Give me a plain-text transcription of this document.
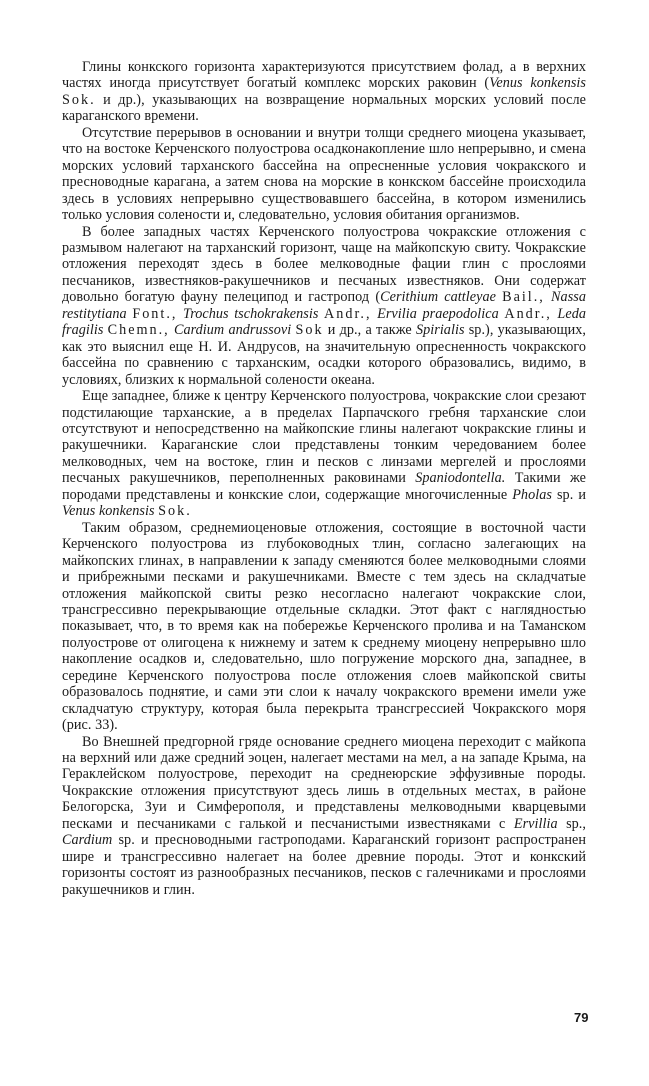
Глины конкского горизонта характеризуются присутствием фолад, а в верхних частях иногда присутствует богатый комплекс морских раковин (Venus konkensis Sok. и др.), указывающих на возвращение нормальных морских условий после караганского времени.

Отсутствие перерывов в основании и внутри толщи среднего миоцена указывает, что на востоке Керченского полуострова осадконакопление шло непрерывно, и смена морских условий тарханского бассейна на опресненные условия чокракского и пресноводные карагана, а затем снова на морские в конкском бассейне происходила здесь в условиях непрерывно существовавшего бассейна, в котором изменились только условия солености и, следовательно, условия обитания организмов.

В более западных частях Керченского полуострова чокракские отложения с размывом налегают на тарханский горизонт, чаще на майкопскую свиту. Чокракские отложения переходят здесь в более мелководные фации глин с прослоями песчаников, известняков-ракушечников и песчаных известняков. Они содержат довольно богатую фауну пелеципод и гастропод (Cerithium cattleyae Bail., Nassa restitytiana Font., Trochus tschokrakensis Andr., Ervilia praepodolica Andr., Leda fragilis Chemn., Cardium andrussovi Sok и др., а также Spirialis sp.), указывающих, как это выяснил еще Н. И. Андрусов, на значительную опресненность чокракского бассейна по сравнению с тарханским, осадки которого образовались, видимо, в условиях, близких к нормальной солености океана.

Еще западнее, ближе к центру Керченского полуострова, чокракские слои срезают подстилающие тарханские, а в пределах Парпачского гребня тарханские слои отсутствуют и непосредственно на майкопские глины налегают чокракские глины и ракушечники. Караганские слои представлены тонким чередованием более мелководных, чем на востоке, глин и песков с линзами мергелей и прослоями песчаных ракушечников, переполненных раковинами Spaniodontella. Такими же породами представлены и конкские слои, содержащие многочисленные Pholas sp. и Venus konkensis Sok.

Таким образом, среднемиоценовые отложения, состоящие в восточной части Керченского полуострова из глубоководных тлин, согласно залегающих на майкопских глинах, в направлении к западу сменяются более мелководными слоями и прибрежными песками и ракушечниками. Вместе с тем здесь на складчатые отложения майкопской свиты резко несогласно налегают чокракские слои, трансгрессивно перекрывающие отдельные складки. Этот факт с наглядностью показывает, что, в то время как на побережье Керченского пролива и на Таманском полуострове от олигоцена к нижнему и затем к среднему миоцену непрерывно шло накопление осадков и, следовательно, шло погружение морского дна, западнее, в середине Керченского полуострова после отложения слоев майкопской свиты образовалось поднятие, и сами эти слои к началу чокракского времени имели уже складчатую структуру, которая была перекрыта трансгрессией Чокракского моря (рис. 33).

Во Внешней предгорной гряде основание среднего миоцена переходит с майкопа на верхний или даже средний эоцен, налегает местами на мел, а на западе Крыма, на Гераклейском полуострове, переходит на среднеюрские эффузивные породы. Чокракские отложения присутствуют здесь лишь в отдельных местах, в районе Белогорска, Зуи и Симферополя, и представлены мелководными кварцевыми песками и песчаниками с галькой и песчанистыми известняками с Ervillia sp., Cardium sp. и пресноводными гастроподами. Караганский горизонт распространен шире и трансгрессивно налегает на более древние породы. Этот и конкский горизонты состоят из разнообразных песчаников, песков с галечниками и прослоями ракушечников и глин.

79
